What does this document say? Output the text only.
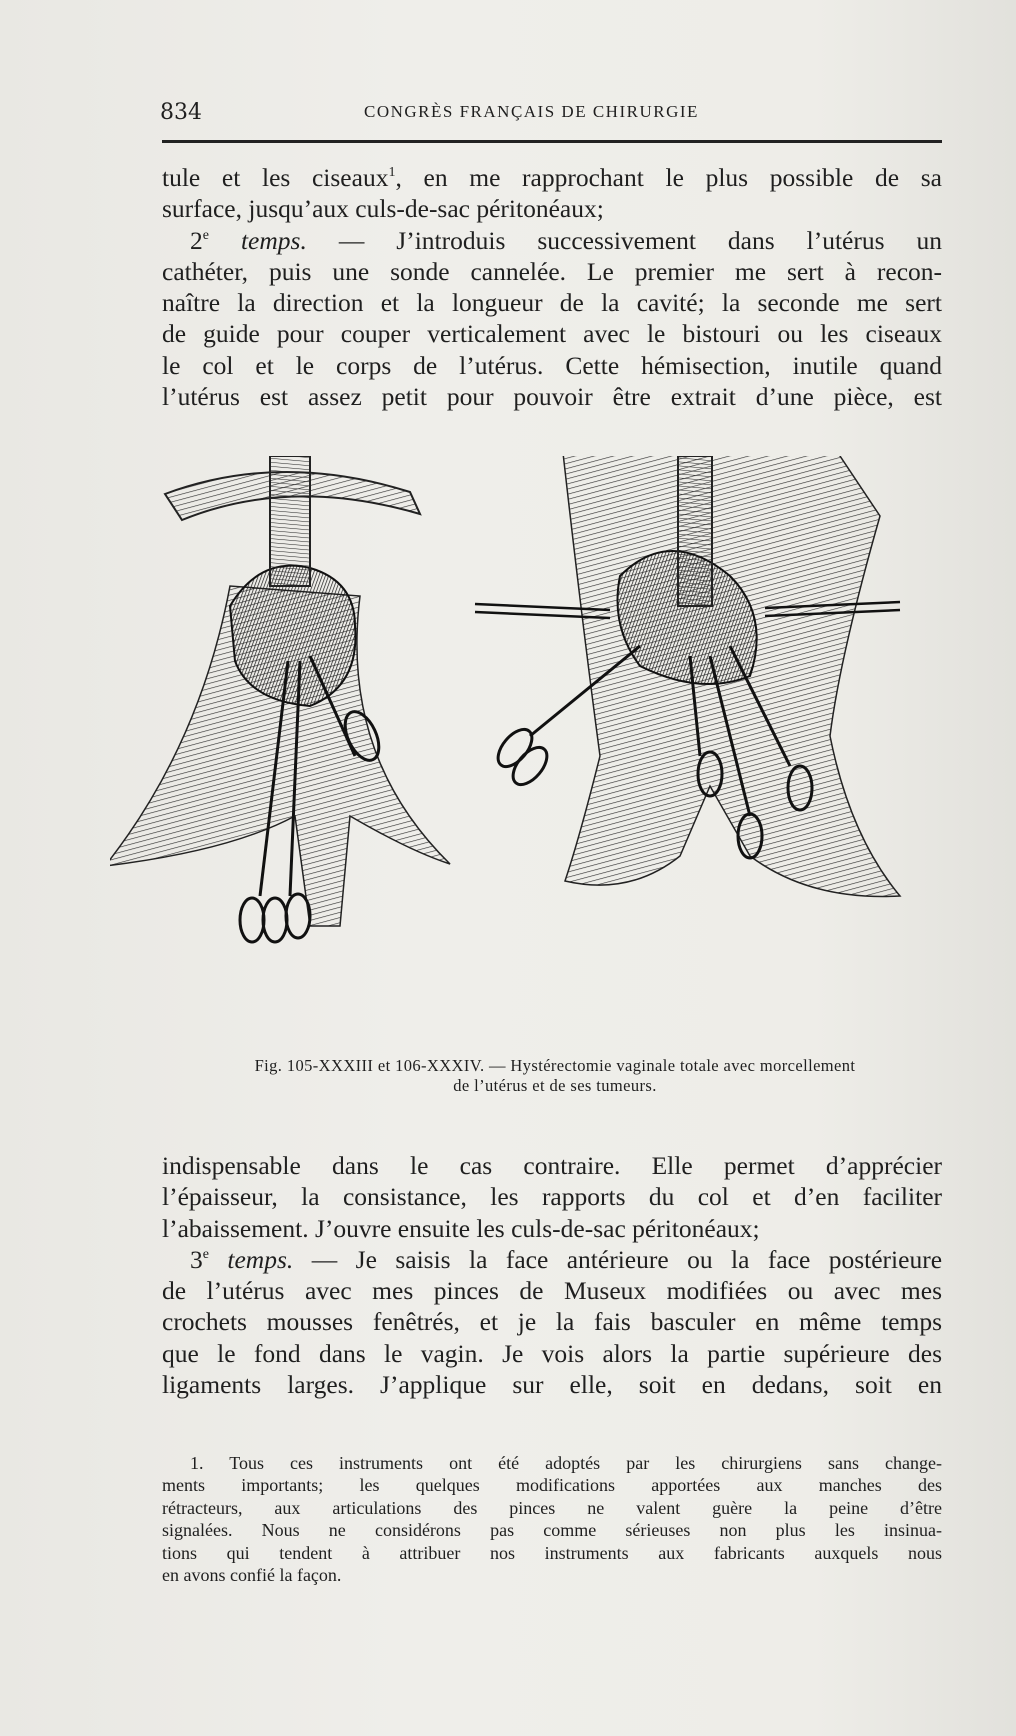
834	CONGRÈS FRANÇAIS DE CHIRURGIE
tule et les ciseaux$^1$, en me rapprochant le plus possible de sa
surface, jusqu’aux culs-de-sac péritonéaux;
2e temps. — J’introduis successivement dans l’utérus un
cathéter, puis une sonde cannelée. Le premier me sert à recon-
naître la direction et la longueur de la cavité; la seconde me sert
de guide pour couper verticalement avec le bistouri ou les ciseaux
le col et le corps de l’utérus. Cette hémisection, inutile quand
l’utérus est assez petit pour pouvoir être extrait d’une pièce, est
Fig. 105-XXXIII et 106-XXXIV. — Hystérectomie vaginale totale avec morcellement
de l’utérus et de ses tumeurs.
indispensable dans le cas contraire. Elle permet d’apprécier
l’épaisseur, la consistance, les rapports du col et d’en faciliter
l’abaissement. J’ouvre ensuite les culs-de-sac péritonéaux;
3e temps. — Je saisis la face antérieure ou la face postérieure
de l’utérus avec mes pinces de Museux modifiées ou avec mes
crochets mousses fenêtrés, et je la fais basculer en même temps
que le fond dans le vagin. Je vois alors la partie supérieure des
ligaments larges. J’applique sur elle, soit en dedans, soit en
1. Tous ces instruments ont été adoptés par les chirurgiens sans change-
ments importants; les quelques modifications apportées aux manches des
rétracteurs, aux articulations des pinces ne valent guère la peine d’être
signalées. Nous ne considérons pas comme sérieuses non plus les insinua-
tions qui tendent à attribuer nos instruments aux fabricants auxquels nous
en avons confié la façon.
